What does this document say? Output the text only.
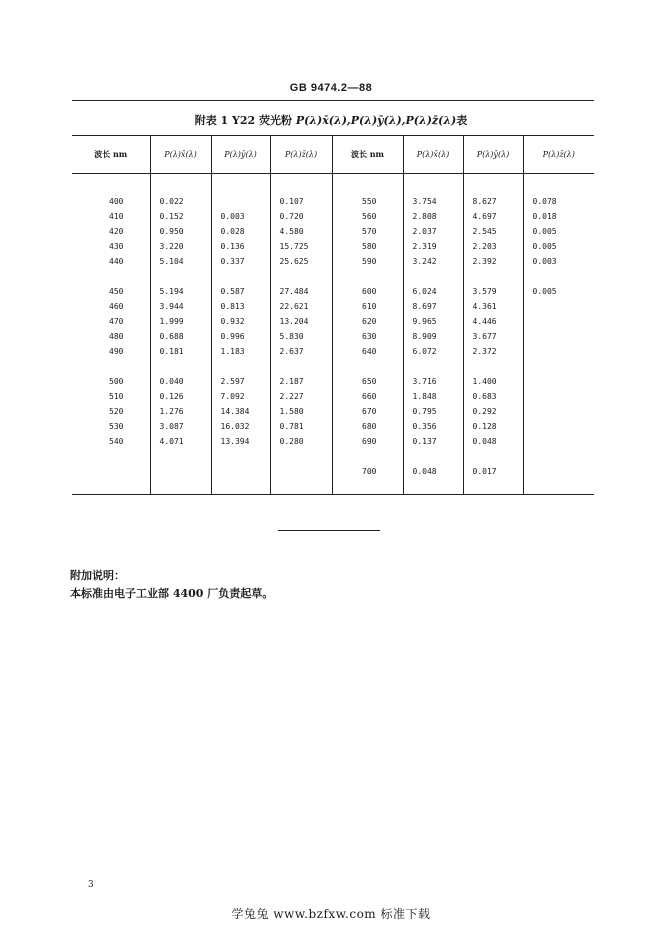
GB 9474.2—88
附表 1 Y22 荧光粉 P(λ)x̄(λ),P(λ)ȳ(λ),P(λ)z̄(λ)表
波长 nm	P(λ)x̄(λ)	P(λ)ȳ(λ)	P(λ)z̄(λ)	波长 nm	P(λ)x̄(λ)	P(λ)ȳ(λ)	P(λ)z̄(λ)

400	0.022		0.107	550	3.754	8.627	0.078
410	0.152	0.003	0.720	560	2.808	4.697	0.018
420	0.950	0.028	4.580	570	2.037	2.545	0.005
430	3.220	0.136	15.725	580	2.319	2.203	0.005
440	5.104	0.337	25.625	590	3.242	2.392	0.003

450	5.194	0.587	27.484	600	6.024	3.579	0.005
460	3.944	0.813	22.621	610	8.697	4.361	
470	1.999	0.932	13.204	620	9.965	4.446	
480	0.688	0.996	5.830	630	8.909	3.677	
490	0.181	1.183	2.637	640	6.072	2.372	

500	0.040	2.597	2.187	650	3.716	1.400	
510	0.126	7.092	2.227	660	1.848	0.683	
520	1.276	14.384	1.580	670	0.795	0.292	
530	3.087	16.032	0.781	680	0.356	0.128	
540	4.071	13.394	0.280	690	0.137	0.048	

				700	0.048	0.017	

附加说明：
本标准由电子工业部 4400 厂负责起草。
3
学兔兔 www.bzfxw.com 标准下载
